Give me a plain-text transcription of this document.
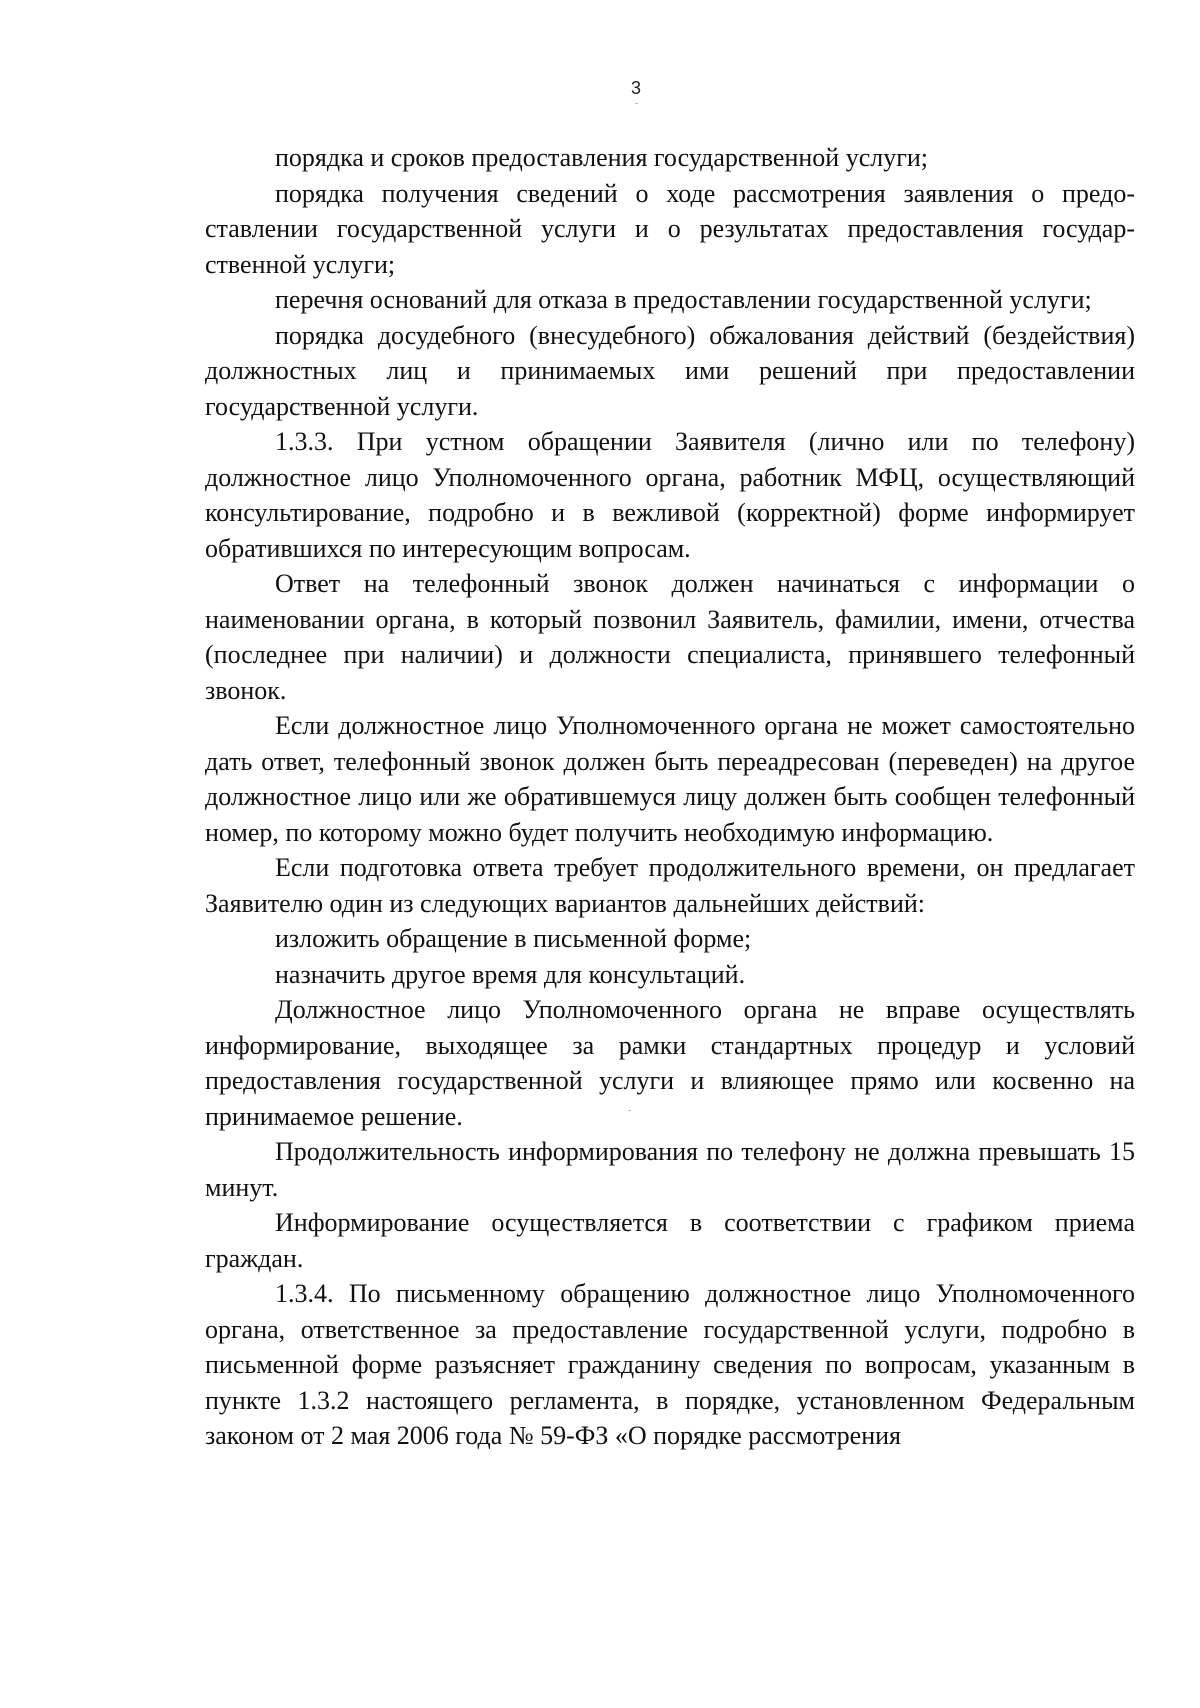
3

порядка и сроков предоставления государственной услуги;

порядка получения сведений о ходе рассмотрения заявления о предоставлении государственной услуги и о результатах предоставления государственной услуги;

перечня оснований для отказа в предоставлении государственной услуги;

порядка досудебного (внесудебного) обжалования действий (бездействия) должностных лиц и принимаемых ими решений при предоставлении государственной услуги.

1.3.3. При устном обращении Заявителя (лично или по телефону) должностное лицо Уполномоченного органа, работник МФЦ, осуществляющий консультирование, подробно и в вежливой (корректной) форме информирует обратившихся по интересующим вопросам.

Ответ на телефонный звонок должен начинаться с информации о наименовании органа, в который позвонил Заявитель, фамилии, имени, отчества (последнее при наличии) и должности специалиста, принявшего телефонный звонок.

Если должностное лицо Уполномоченного органа не может самостоятельно дать ответ, телефонный звонок должен быть переадресован (переведен) на другое должностное лицо или же обратившемуся лицу должен быть сообщен телефонный номер, по которому можно будет получить необходимую информацию.

Если подготовка ответа требует продолжительного времени, он предлагает Заявителю один из следующих вариантов дальнейших действий:

изложить обращение в письменной форме;

назначить другое время для консультаций.

Должностное лицо Уполномоченного органа не вправе осуществлять информирование, выходящее за рамки стандартных процедур и условий предоставления государственной услуги и влияющее прямо или косвенно на принимаемое решение.

Продолжительность информирования по телефону не должна превышать 15 минут.

Информирование осуществляется в соответствии с графиком приема граждан.

1.3.4. По письменному обращению должностное лицо Уполномоченного органа, ответственное за предоставление государственной услуги, подробно в письменной форме разъясняет гражданину сведения по вопросам, указанным в пункте 1.3.2 настоящего регламента, в порядке, установленном Федеральным законом от 2 мая 2006 года № 59-ФЗ «О порядке рассмотрения
